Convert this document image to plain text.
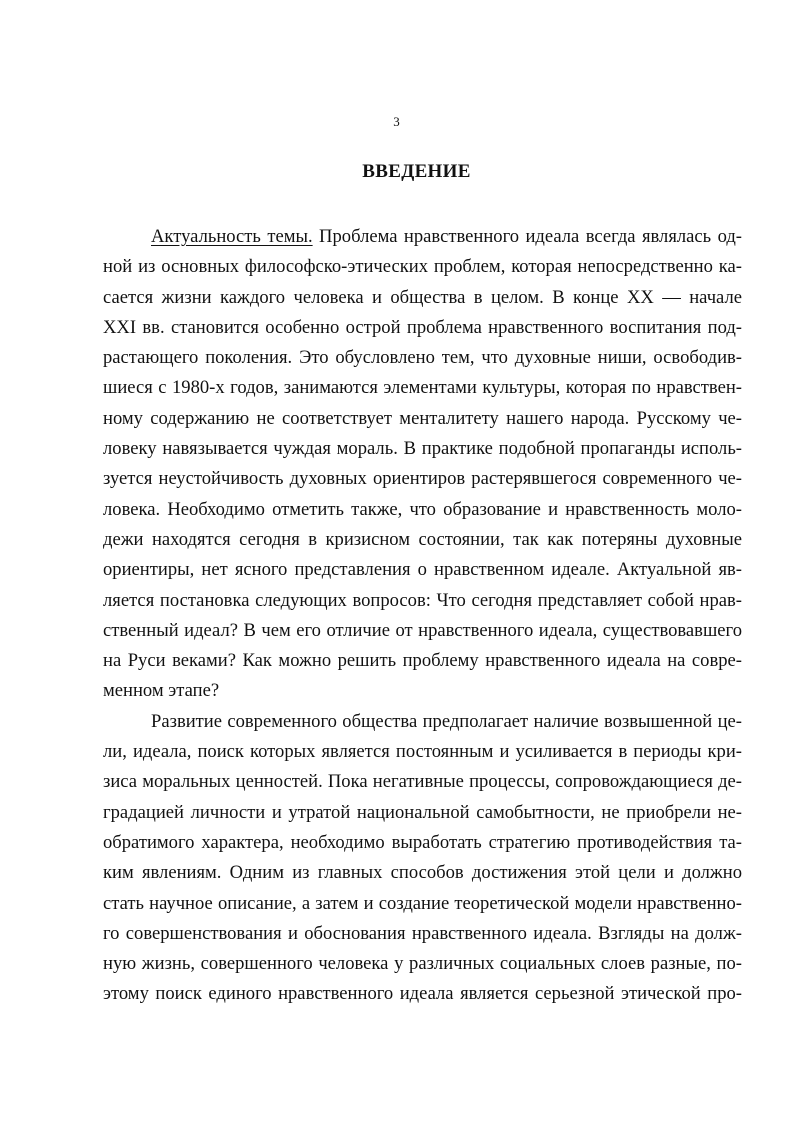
3
ВВЕДЕНИЕ
Актуальность темы. Проблема нравственного идеала всегда являлась од-
ной из основных философско-этических проблем, которая непосредственно ка-
сается жизни каждого человека и общества в целом. В конце XX — начале
XXI вв. становится особенно острой проблема нравственного воспитания под-
растающего поколения. Это обусловлено тем, что духовные ниши, освободив-
шиеся с 1980-х годов, занимаются элементами культуры, которая по нравствен-
ному содержанию не соответствует менталитету нашего народа. Русскому че-
ловеку навязывается чуждая мораль. В практике подобной пропаганды исполь-
зуется неустойчивость духовных ориентиров растерявшегося современного че-
ловека. Необходимо отметить также, что образование и нравственность моло-
дежи находятся сегодня в кризисном состоянии, так как потеряны духовные
ориентиры, нет ясного представления о нравственном идеале. Актуальной яв-
ляется постановка следующих вопросов: Что сегодня представляет собой нрав-
ственный идеал? В чем его отличие от нравственного идеала, существовавшего
на Руси веками? Как можно решить проблему нравственного идеала на совре-
менном этапе?
Развитие современного общества предполагает наличие возвышенной це-
ли, идеала, поиск которых является постоянным и усиливается в периоды кри-
зиса моральных ценностей. Пока негативные процессы, сопровождающиеся де-
градацией личности и утратой национальной самобытности, не приобрели не-
обратимого характера, необходимо выработать стратегию противодействия та-
ким явлениям. Одним из главных способов достижения этой цели и должно
стать научное описание, а затем и создание теоретической модели нравственно-
го совершенствования и обоснования нравственного идеала. Взгляды на долж-
ную жизнь, совершенного человека у различных социальных слоев разные, по-
этому поиск единого нравственного идеала является серьезной этической про-
